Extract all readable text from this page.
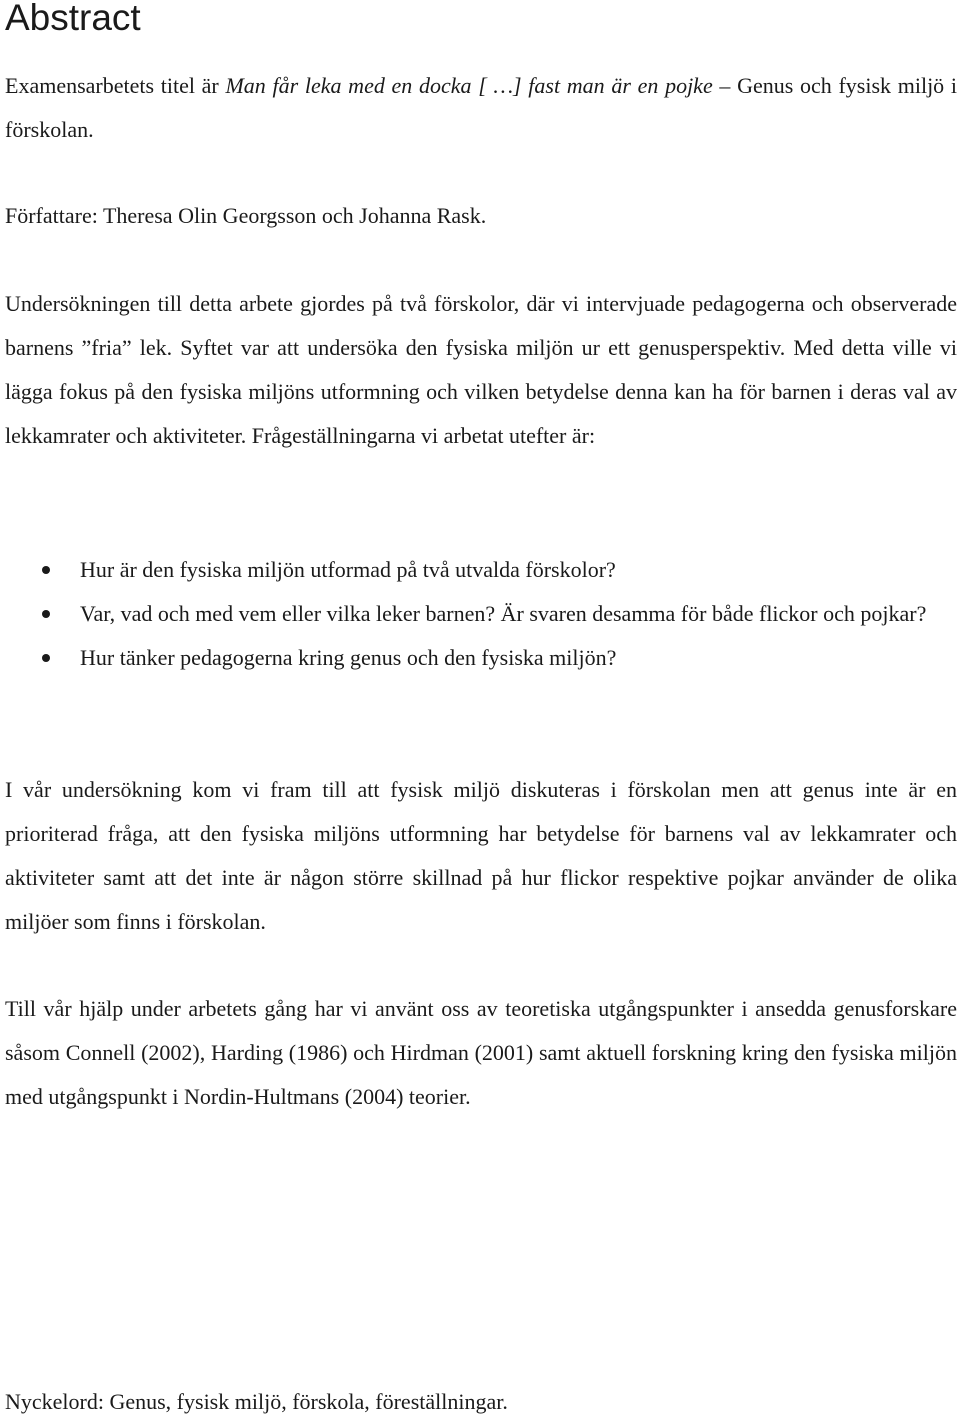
Abstract

Examensarbetets titel är Man får leka med en docka [ …] fast man är en pojke – Genus och fysisk miljö i förskolan.

Författare: Theresa Olin Georgsson och Johanna Rask.

Undersökningen till detta arbete gjordes på två förskolor, där vi intervjuade pedagogerna och observerade barnens ”fria” lek. Syftet var att undersöka den fysiska miljön ur ett genusperspektiv. Med detta ville vi lägga fokus på den fysiska miljöns utformning och vilken betydelse denna kan ha för barnen i deras val av lekkamrater och aktiviteter. Frågeställningarna vi arbetat utefter är:

Hur är den fysiska miljön utformad på två utvalda förskolor?
Var, vad och med vem eller vilka leker barnen? Är svaren desamma för både flickor och pojkar?
Hur tänker pedagogerna kring genus och den fysiska miljön?

I vår undersökning kom vi fram till att fysisk miljö diskuteras i förskolan men att genus inte är en prioriterad fråga, att den fysiska miljöns utformning har betydelse för barnens val av lekkamrater och aktiviteter samt att det inte är någon större skillnad på hur flickor respektive pojkar använder de olika miljöer som finns i förskolan.

Till vår hjälp under arbetets gång har vi använt oss av teoretiska utgångspunkter i ansedda genusforskare såsom Connell (2002), Harding (1986) och Hirdman (2001) samt aktuell forskning kring den fysiska miljön med utgångspunkt i Nordin-Hultmans (2004) teorier.

Nyckelord: Genus, fysisk miljö, förskola, föreställningar.
